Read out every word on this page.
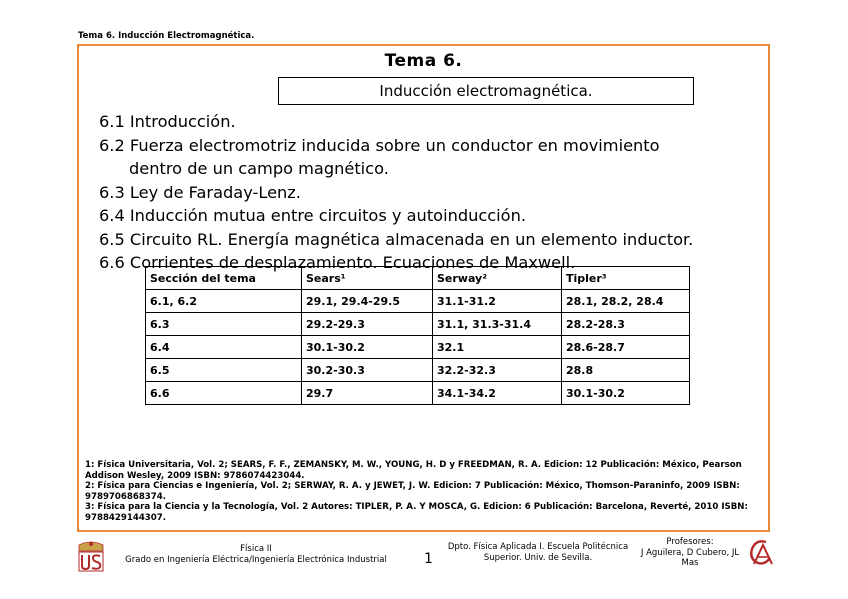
Tema 6. Inducción Electromagnética.
Tema 6.
Inducción electromagnética.
6.1 Introducción.
6.2 Fuerza electromotriz inducida sobre un conductor en movimiento
dentro de un campo magnético.
6.3 Ley de Faraday-Lenz.
6.4 Inducción mutua entre circuitos y autoinducción.
6.5 Circuito RL. Energía magnética almacenada en un elemento inductor.
6.6 Corrientes de desplazamiento. Ecuaciones de Maxwell.
Sección del tema	Sears¹	Serway²	Tipler³
6.1, 6.2	29.1, 29.4-29.5	31.1-31.2	28.1, 28.2, 28.4
6.3	29.2-29.3	31.1, 31.3-31.4	28.2-28.3
6.4	30.1-30.2	32.1	28.6-28.7
6.5	30.2-30.3	32.2-32.3	28.8
6.6	29.7	34.1-34.2	30.1-30.2
1: Física Universitaria, Vol. 2; SEARS, F. F., ZEMANSKY, M. W., YOUNG, H. D y FREEDMAN, R. A. Edicion: 12 Publicación: México, Pearson Addison Wesley, 2009 ISBN: 9786074423044.
2: Física para Ciencias e Ingeniería, Vol. 2; SERWAY, R. A. y JEWET, J. W. Edicion: 7 Publicación: México, Thomson-Paraninfo, 2009 ISBN: 9789706868374.
3: Física para la Ciencia y la Tecnología, Vol. 2 Autores: TIPLER, P. A. Y MOSCA, G. Edicion: 6 Publicación: Barcelona, Reverté, 2010 ISBN: 9788429144307.
Física II
Grado en Ingeniería Eléctrica/Ingeniería Electrónica Industrial	1
Dpto. Física Aplicada I. Escuela Politécnica
Superior. Univ. de Sevilla.
Profesores:
J Aguilera, D Cubero, JL
Mas
